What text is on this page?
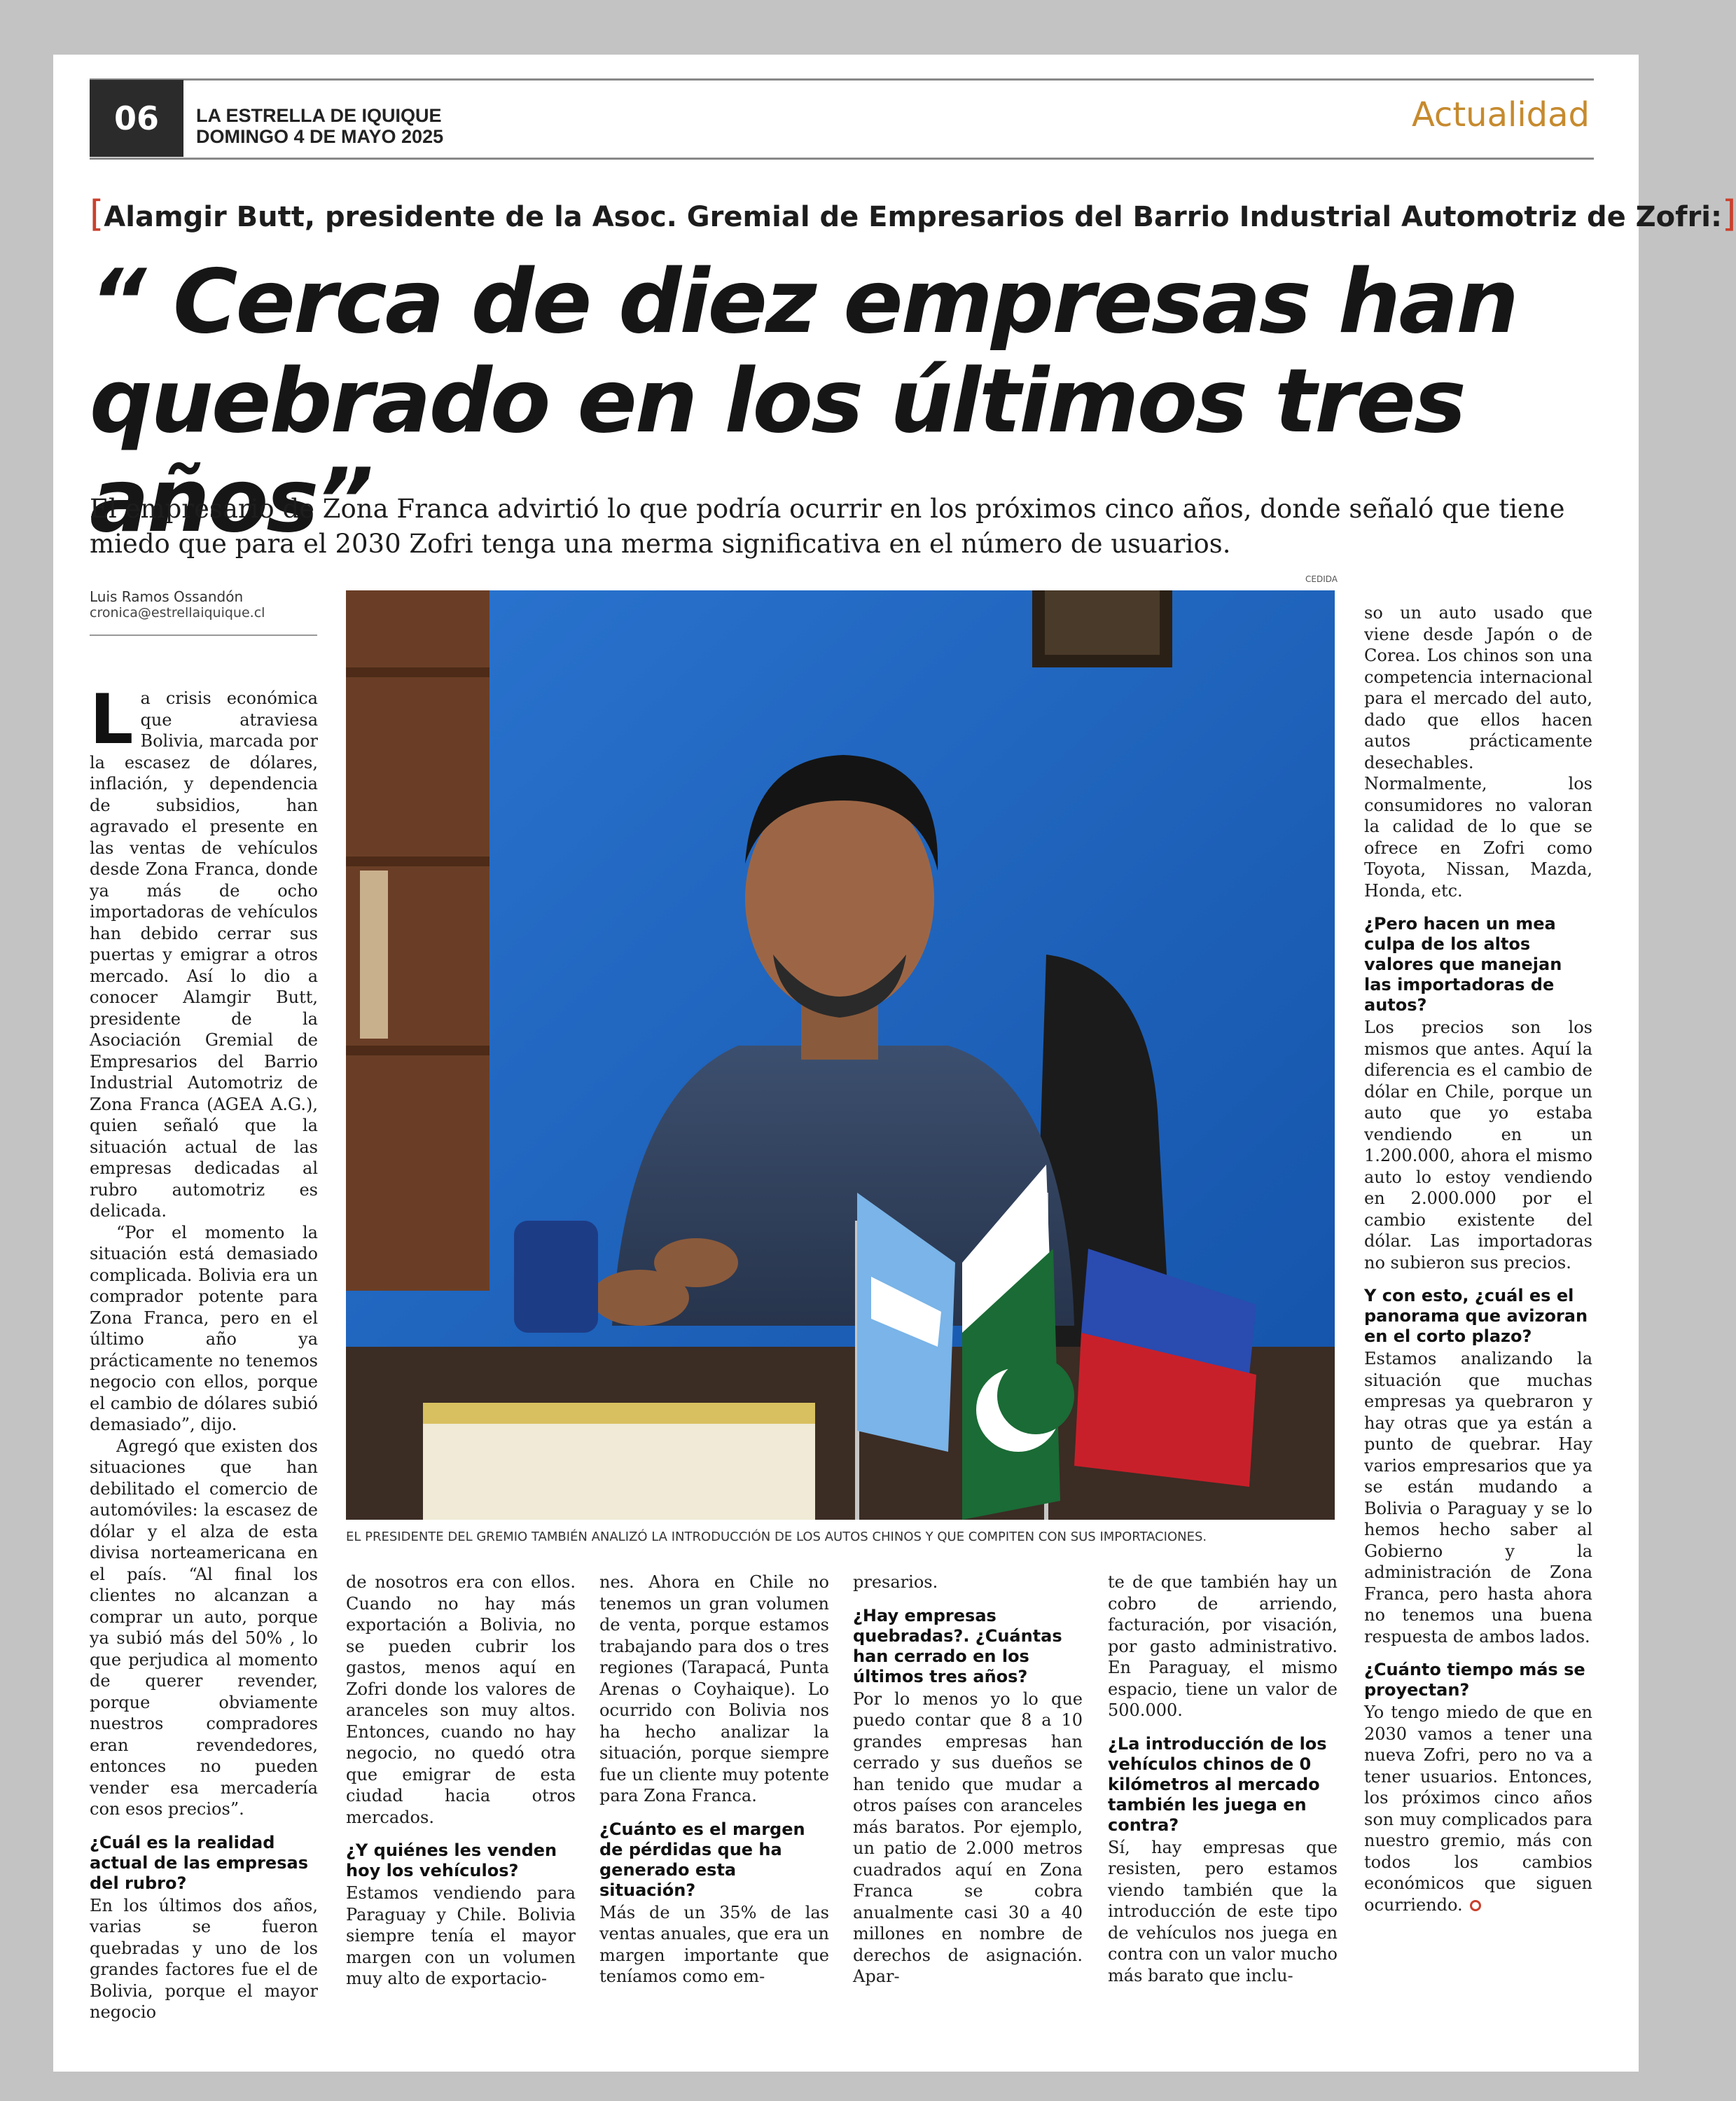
06	LA ESTRELLA DE IQUIQUE
DOMINGO 4 DE MAYO 2025
Actualidad
[Alamgir Butt, presidente de la Asoc. Gremial de Empresarios del Barrio Industrial Automotriz de Zofri:]
“ Cerca de diez empresas han quebrado en los últimos tres años”
El empresario de Zona Franca advirtió lo que podría ocurrir en los próximos cinco años, donde señaló que tiene miedo que para el 2030 Zofri tenga una merma significativa en el número de usuarios.
Luis Ramos Ossandón
cronica@estrellaiquique.cl
CEDIDA
EL PRESIDENTE DEL GREMIO TAMBIÉN ANALIZÓ LA INTRODUCCIÓN DE LOS AUTOS CHINOS Y QUE COMPITEN CON SUS IMPORTACIONES.
L a crisis económica que atraviesa Bolivia, marcada por la escasez de dólares, inflación, y dependencia de subsidios, han agravado el presente en las ventas de vehículos desde Zona Franca, donde ya más de ocho importadoras de vehículos han debido cerrar sus puertas y emigrar a otros mercado. Así lo dio a conocer Alamgir Butt, presidente de la Asociación Gremial de Empresarios del Barrio Industrial Automotriz de Zona Franca (AGEA A.G.), quien señaló que la situación actual de las empresas dedicadas al rubro automotriz es delicada.

“Por el momento la situación está demasiado complicada. Bolivia era un comprador potente para Zona Franca, pero en el último año ya prácticamente no tenemos negocio con ellos, porque el cambio de dólares subió demasiado”, dijo.

Agregó que existen dos situaciones que han debilitado el comercio de automóviles: la escasez de dólar y el alza de esta divisa norteamericana en el país. “Al final los clientes no alcanzan a comprar un auto, porque ya subió más del 50% , lo que perjudica al momento de querer revender, porque obviamente nuestros compradores eran revendedores, entonces no pueden vender esa mercadería con esos precios”.

¿Cuál es la realidad actual de las empresas del rubro?

En los últimos dos años, varias se fueron quebradas y uno de los grandes factores fue el de Bolivia, porque el mayor negocio

de nosotros era con ellos. Cuando no hay más exportación a Bolivia, no se pueden cubrir los gastos, menos aquí en Zofri donde los valores de aranceles son muy altos. Entonces, cuando no hay negocio, no quedó otra que emigrar de esta ciudad hacia otros mercados.

¿Y quiénes les venden hoy los vehículos?

Estamos vendiendo para Paraguay y Chile. Bolivia siempre tenía el mayor margen con un volumen muy alto de exportacio-

nes. Ahora en Chile no tenemos un gran volumen de venta, porque estamos trabajando para dos o tres regiones (Tarapacá, Punta Arenas o Coyhaique). Lo ocurrido con Bolivia nos ha hecho analizar la situación, porque siempre fue un cliente muy potente para Zona Franca.

¿Cuánto es el margen de pérdidas que ha generado esta situación?

Más de un 35% de las ventas anuales, que era un margen importante que teníamos como em-

presarios.

¿Hay empresas quebradas?. ¿Cuántas han cerrado en los últimos tres años?

Por lo menos yo lo que puedo contar que 8 a 10 grandes empresas han cerrado y sus dueños se han tenido que mudar a otros países con aranceles más baratos. Por ejemplo, un patio de 2.000 metros cuadrados aquí en Zona Franca se cobra anualmente casi 30 a 40 millones en nombre de derechos de asignación. Apar-

te de que también hay un cobro de arriendo, facturación, por visación, por gasto administrativo. En Paraguay, el mismo espacio, tiene un valor de 500.000.

¿La introducción de los vehículos chinos de 0 kilómetros al mercado también les juega en contra?

Sí, hay empresas que resisten, pero estamos viendo también que la introducción de este tipo de vehículos nos juega en contra con un valor mucho más barato que inclu-

so un auto usado que viene desde Japón o de Corea. Los chinos son una competencia internacional para el mercado del auto, dado que ellos hacen autos prácticamente desechables. Normalmente, los consumidores no valoran la calidad de lo que se ofrece en Zofri como Toyota, Nissan, Mazda, Honda, etc.

¿Pero hacen un mea culpa de los altos valores que manejan las importadoras de autos?

Los precios son los mismos que antes. Aquí la diferencia es el cambio de dólar en Chile, porque un auto que yo estaba vendiendo en un 1.200.000, ahora el mismo auto lo estoy vendiendo en 2.000.000 por el cambio existente del dólar. Las importadoras no subieron sus precios.

Y con esto, ¿cuál es el panorama que avizoran en el corto plazo?

Estamos analizando la situación que muchas empresas ya quebraron y hay otras que ya están a punto de quebrar. Hay varios empresarios que ya se están mudando a Bolivia o Paraguay y se lo hemos hecho saber al Gobierno y la administración de Zona Franca, pero hasta ahora no tenemos una buena respuesta de ambos lados.

¿Cuánto tiempo más se proyectan?

Yo tengo miedo de que en 2030 vamos a tener una nueva Zofri, pero no va a tener usuarios. Entonces, los próximos cinco años son muy complicados para nuestro gremio, más con todos los cambios económicos que siguen ocurriendo.
